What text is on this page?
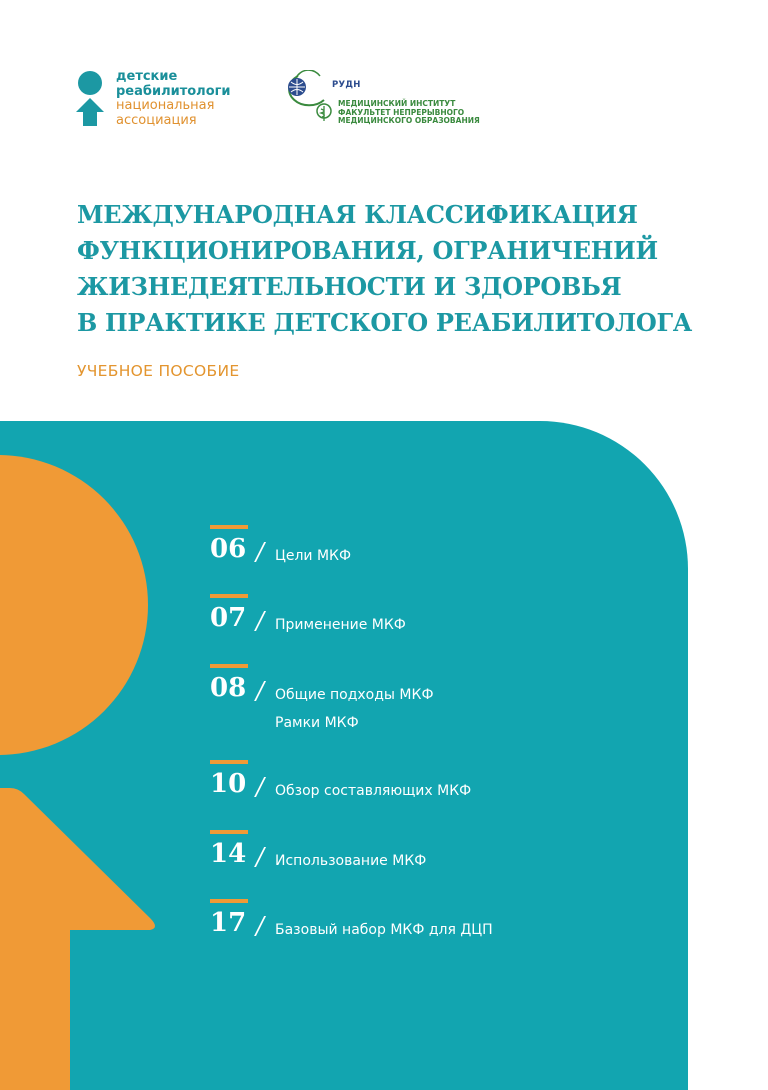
детские
реабилитологи
национальная
ассоциация
РУДН
МЕДИЦИНСКИЙ ИНСТИТУТ
ФАКУЛЬТЕТ НЕПРЕРЫВНОГО
МЕДИЦИНСКОГО ОБРАЗОВАНИЯ
МЕЖДУНАРОДНАЯ КЛАССИФИКАЦИЯ
ФУНКЦИОНИРОВАНИЯ, ОГРАНИЧЕНИЙ
ЖИЗНЕДЕЯТЕЛЬНОСТИ И ЗДОРОВЬЯ
В ПРАКТИКЕ ДЕТСКОГО РЕАБИЛИТОЛОГА
УЧЕБНОЕ ПОСОБИЕ
06 / Цели МКФ
07 / Применение МКФ
08 / Общие подходы МКФ
Рамки МКФ
10 / Обзор составляющих МКФ
14 / Использование МКФ
17 / Базовый набор МКФ для ДЦП
